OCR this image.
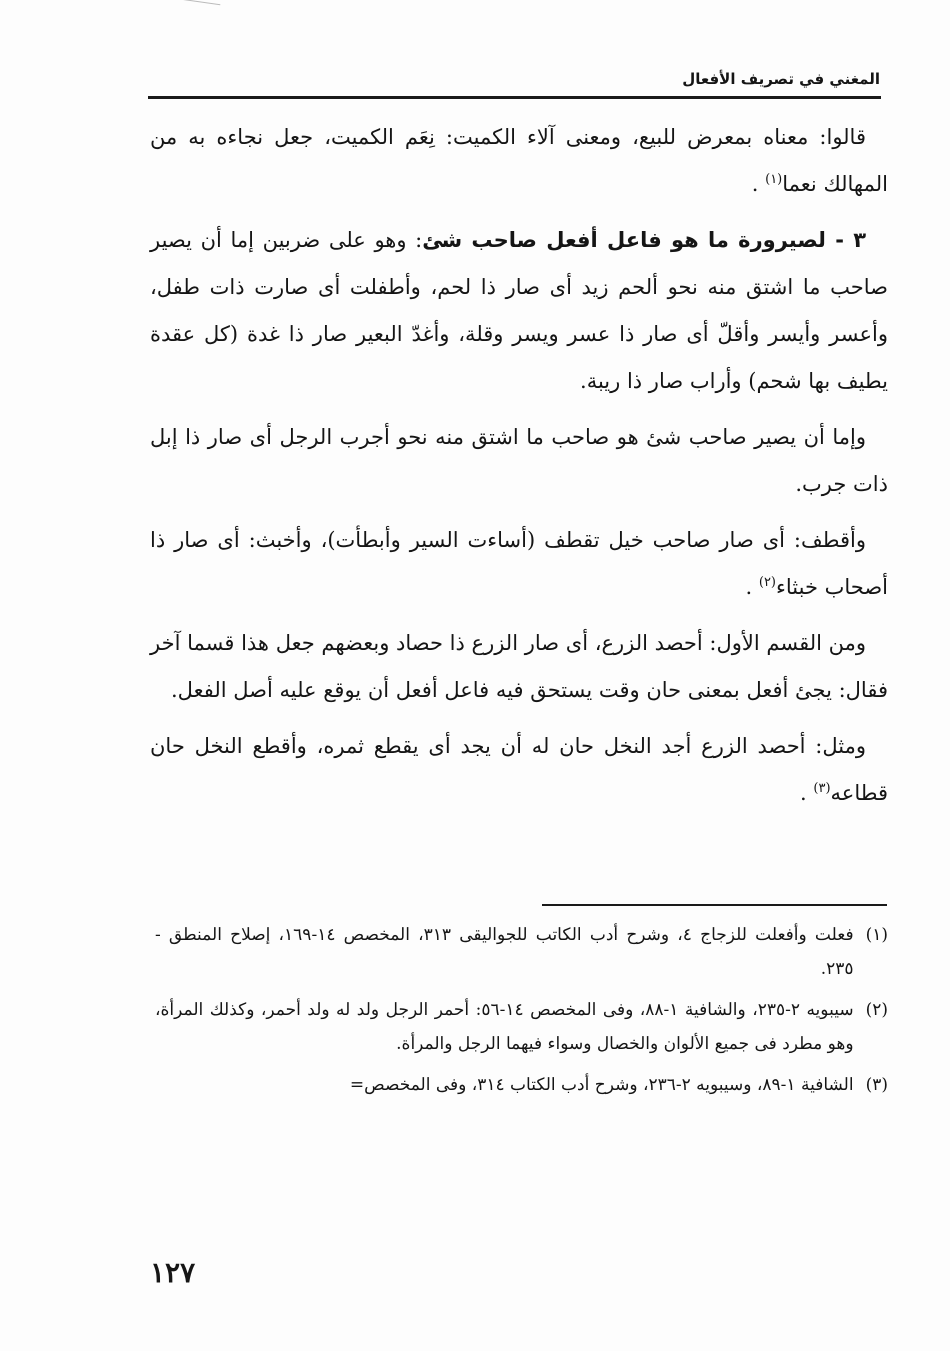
المغني في تصريف الأفعال

قالوا: معناه بمعرض للبيع، ومعنى آلاء الكميت: نِعَم الكميت، جعل نجاءه به من المهالك نعما$^{(١)}$ .

٣ - لصيرورة ما هو فاعل أفعل صاحب شئ: وهو على ضربين إما أن يصير صاحب ما اشتق منه نحو ألحم زيد أى صار ذا لحم، وأطفلت أى صارت ذات طفل، وأعسر وأيسر وأقلّ أى صار ذا عسر ويسر وقلة، وأغدّ البعير صار ذا غدة (كل عقدة يطيف بها شحم) وأراب صار ذا ريبة.

وإما أن يصير صاحب شئ هو صاحب ما اشتق منه نحو أجرب الرجل أى صار ذا إبل ذات جرب.

وأقطف: أى صار صاحب خيل تقطف (أساءت السير وأبطأت)، وأخبث: أى صار ذا أصحاب خبثاء$^{(٢)}$ .

ومن القسم الأول: أحصد الزرع، أى صار الزرع ذا حصاد وبعضهم جعل هذا قسما آخر فقال: يجئ أفعل بمعنى حان وقت يستحق فيه فاعل أفعل أن يوقع عليه أصل الفعل.

ومثل: أحصد الزرع أجد النخل حان له أن يجد أى يقطع ثمره، وأقطع النخل حان قطاعه$^{(٣)}$ .

(١)
فعلت وأفعلت للزجاج ٤، وشرح أدب الكاتب للجواليقى ٣١٣، المخصص ١٤-١٦٩، إصلاح المنطق - ٢٣٥.
(٢)
سيبويه ٢-٢٣٥، والشافية ١-٨٨، وفى المخصص ١٤-٥٦: أحمر الرجل ولد له ولد أحمر، وكذلك المرأة، وهو مطرد فى جميع الألوان والخصال وسواء فيهما الرجل والمرأة.
(٣)
الشافية ١-٨٩، وسيبويه ٢-٢٣٦، وشرح أدب الكتاب ٣١٤، وفى المخصص=
١٢٧
